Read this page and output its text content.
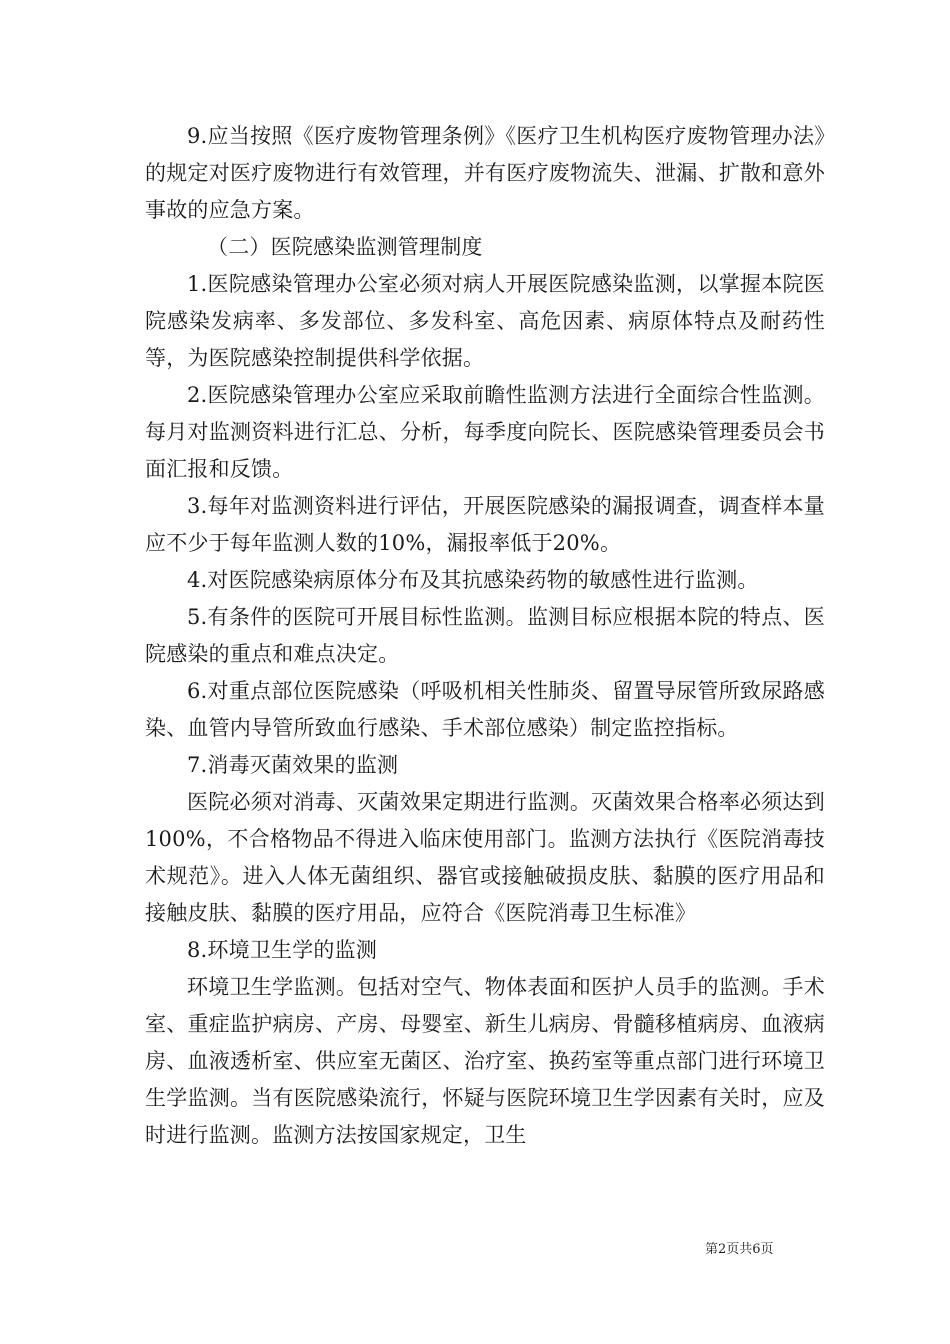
9.应当按照《医疗废物管理条例》《医疗卫生机构医疗废物管理办法》的规定对医疗废物进行有效管理，并有医疗废物流失、泄漏、扩散和意外事故的应急方案。

（二）医院感染监测管理制度

1.医院感染管理办公室必须对病人开展医院感染监测，以掌握本院医院感染发病率、多发部位、多发科室、高危因素、病原体特点及耐药性等，为医院感染控制提供科学依据。

2.医院感染管理办公室应采取前瞻性监测方法进行全面综合性监测。每月对监测资料进行汇总、分析，每季度向院长、医院感染管理委员会书面汇报和反馈。

3.每年对监测资料进行评估，开展医院感染的漏报调查，调查样本量应不少于每年监测人数的10%，漏报率低于20%。

4.对医院感染病原体分布及其抗感染药物的敏感性进行监测。

5.有条件的医院可开展目标性监测。监测目标应根据本院的特点、医院感染的重点和难点决定。

6.对重点部位医院感染（呼吸机相关性肺炎、留置导尿管所致尿路感染、血管内导管所致血行感染、手术部位感染）制定监控指标。

7.消毒灭菌效果的监测

医院必须对消毒、灭菌效果定期进行监测。灭菌效果合格率必须达到100%，不合格物品不得进入临床使用部门。监测方法执行《医院消毒技术规范》。进入人体无菌组织、器官或接触破损皮肤、黏膜的医疗用品和接触皮肤、黏膜的医疗用品，应符合《医院消毒卫生标准》

8.环境卫生学的监测

环境卫生学监测。包括对空气、物体表面和医护人员手的监测。手术室、重症监护病房、产房、母婴室、新生儿病房、骨髓移植病房、血液病房、血液透析室、供应室无菌区、治疗室、换药室等重点部门进行环境卫生学监测。当有医院感染流行，怀疑与医院环境卫生学因素有关时，应及时进行监测。监测方法按国家规定，卫生

第2页共6页
